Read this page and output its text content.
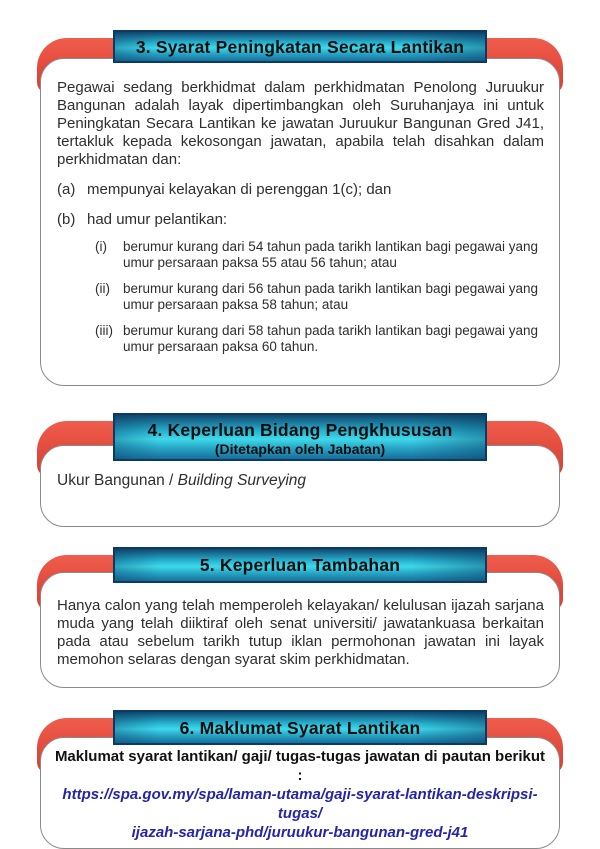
3. Syarat Peningkatan Secara Lantikan

Pegawai sedang berkhidmat dalam perkhidmatan Penolong Juruukur Bangunan adalah layak dipertimbangkan oleh Suruhanjaya ini untuk Peningkatan Secara Lantikan ke jawatan Juruukur Bangunan Gred J41, tertakluk kepada kekosongan jawatan, apabila telah disahkan dalam perkhidmatan dan:

(a) mempunyai kelayakan di perenggan 1(c); dan
(b) had umur pelantikan:
(i)	berumur kurang dari 54 tahun pada tarikh lantikan bagi pegawai yang umur persaraan paksa 55 atau 56 tahun; atau
(ii) berumur kurang dari 56 tahun pada tarikh lantikan bagi pegawai yang umur persaraan paksa 58 tahun; atau
(iii) berumur kurang dari 58 tahun pada tarikh lantikan bagi pegawai yang umur persaraan paksa 60 tahun.
4. Keperluan Bidang Pengkhususan
(Ditetapkan oleh Jabatan)
Ukur Bangunan / Building Surveying
5. Keperluan Tambahan

Hanya calon yang telah memperoleh kelayakan/ kelulusan ijazah sarjana muda yang telah diiktiraf oleh senat universiti/ jawatankuasa berkaitan pada atau sebelum tarikh tutup iklan permohonan jawatan ini layak memohon selaras dengan syarat skim perkhidmatan.

6. Maklumat Syarat Lantikan
Maklumat syarat lantikan/ gaji/ tugas-tugas jawatan di pautan berikut :
https://spa.gov.my/spa/laman-utama/gaji-syarat-lantikan-deskripsi-tugas/
ijazah-sarjana-phd/juruukur-bangunan-gred-j41
